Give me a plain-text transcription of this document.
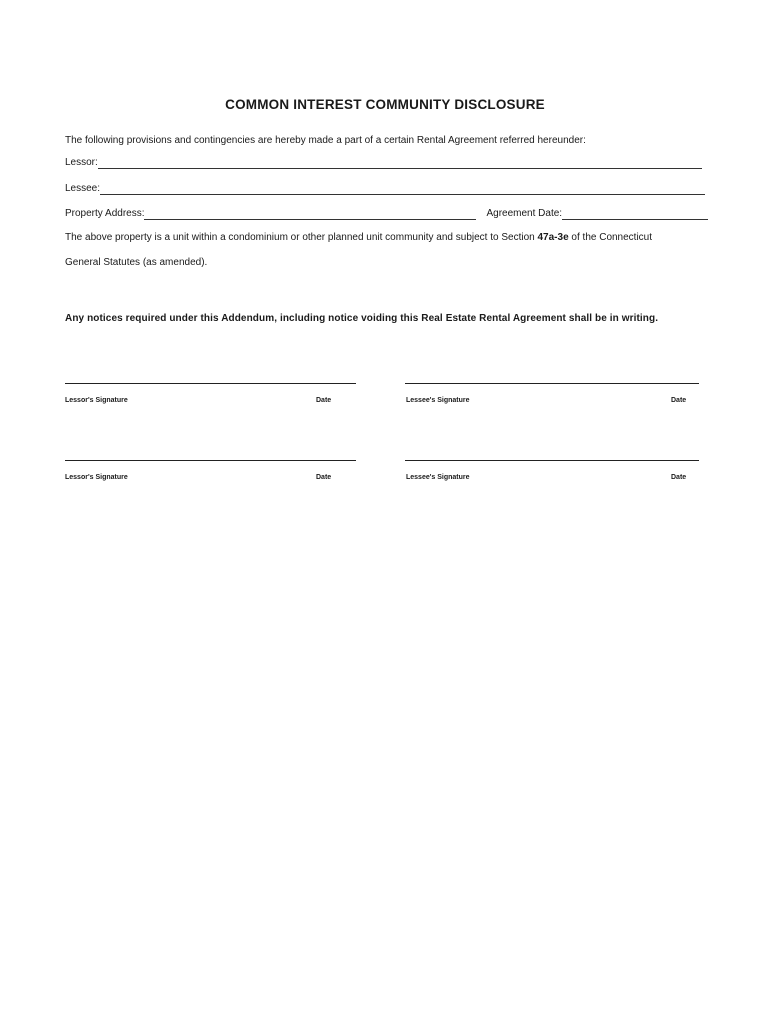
COMMON INTEREST COMMUNITY DISCLOSURE
The following provisions and contingencies are hereby made a part of a certain Rental Agreement referred hereunder:
Lessor:
Lessee:
Property Address:	Agreement Date:
The above property is a unit within a condominium or other planned unit community and subject to Section 47a-3e of the Connecticut
General Statutes (as amended).
Any notices required under this Addendum, including notice voiding this Real Estate Rental Agreement shall be in writing.
Lessor's Signature	Date	Lessee's Signature	Date
Lessor's Signature	Date	Lessee's Signature	Date
